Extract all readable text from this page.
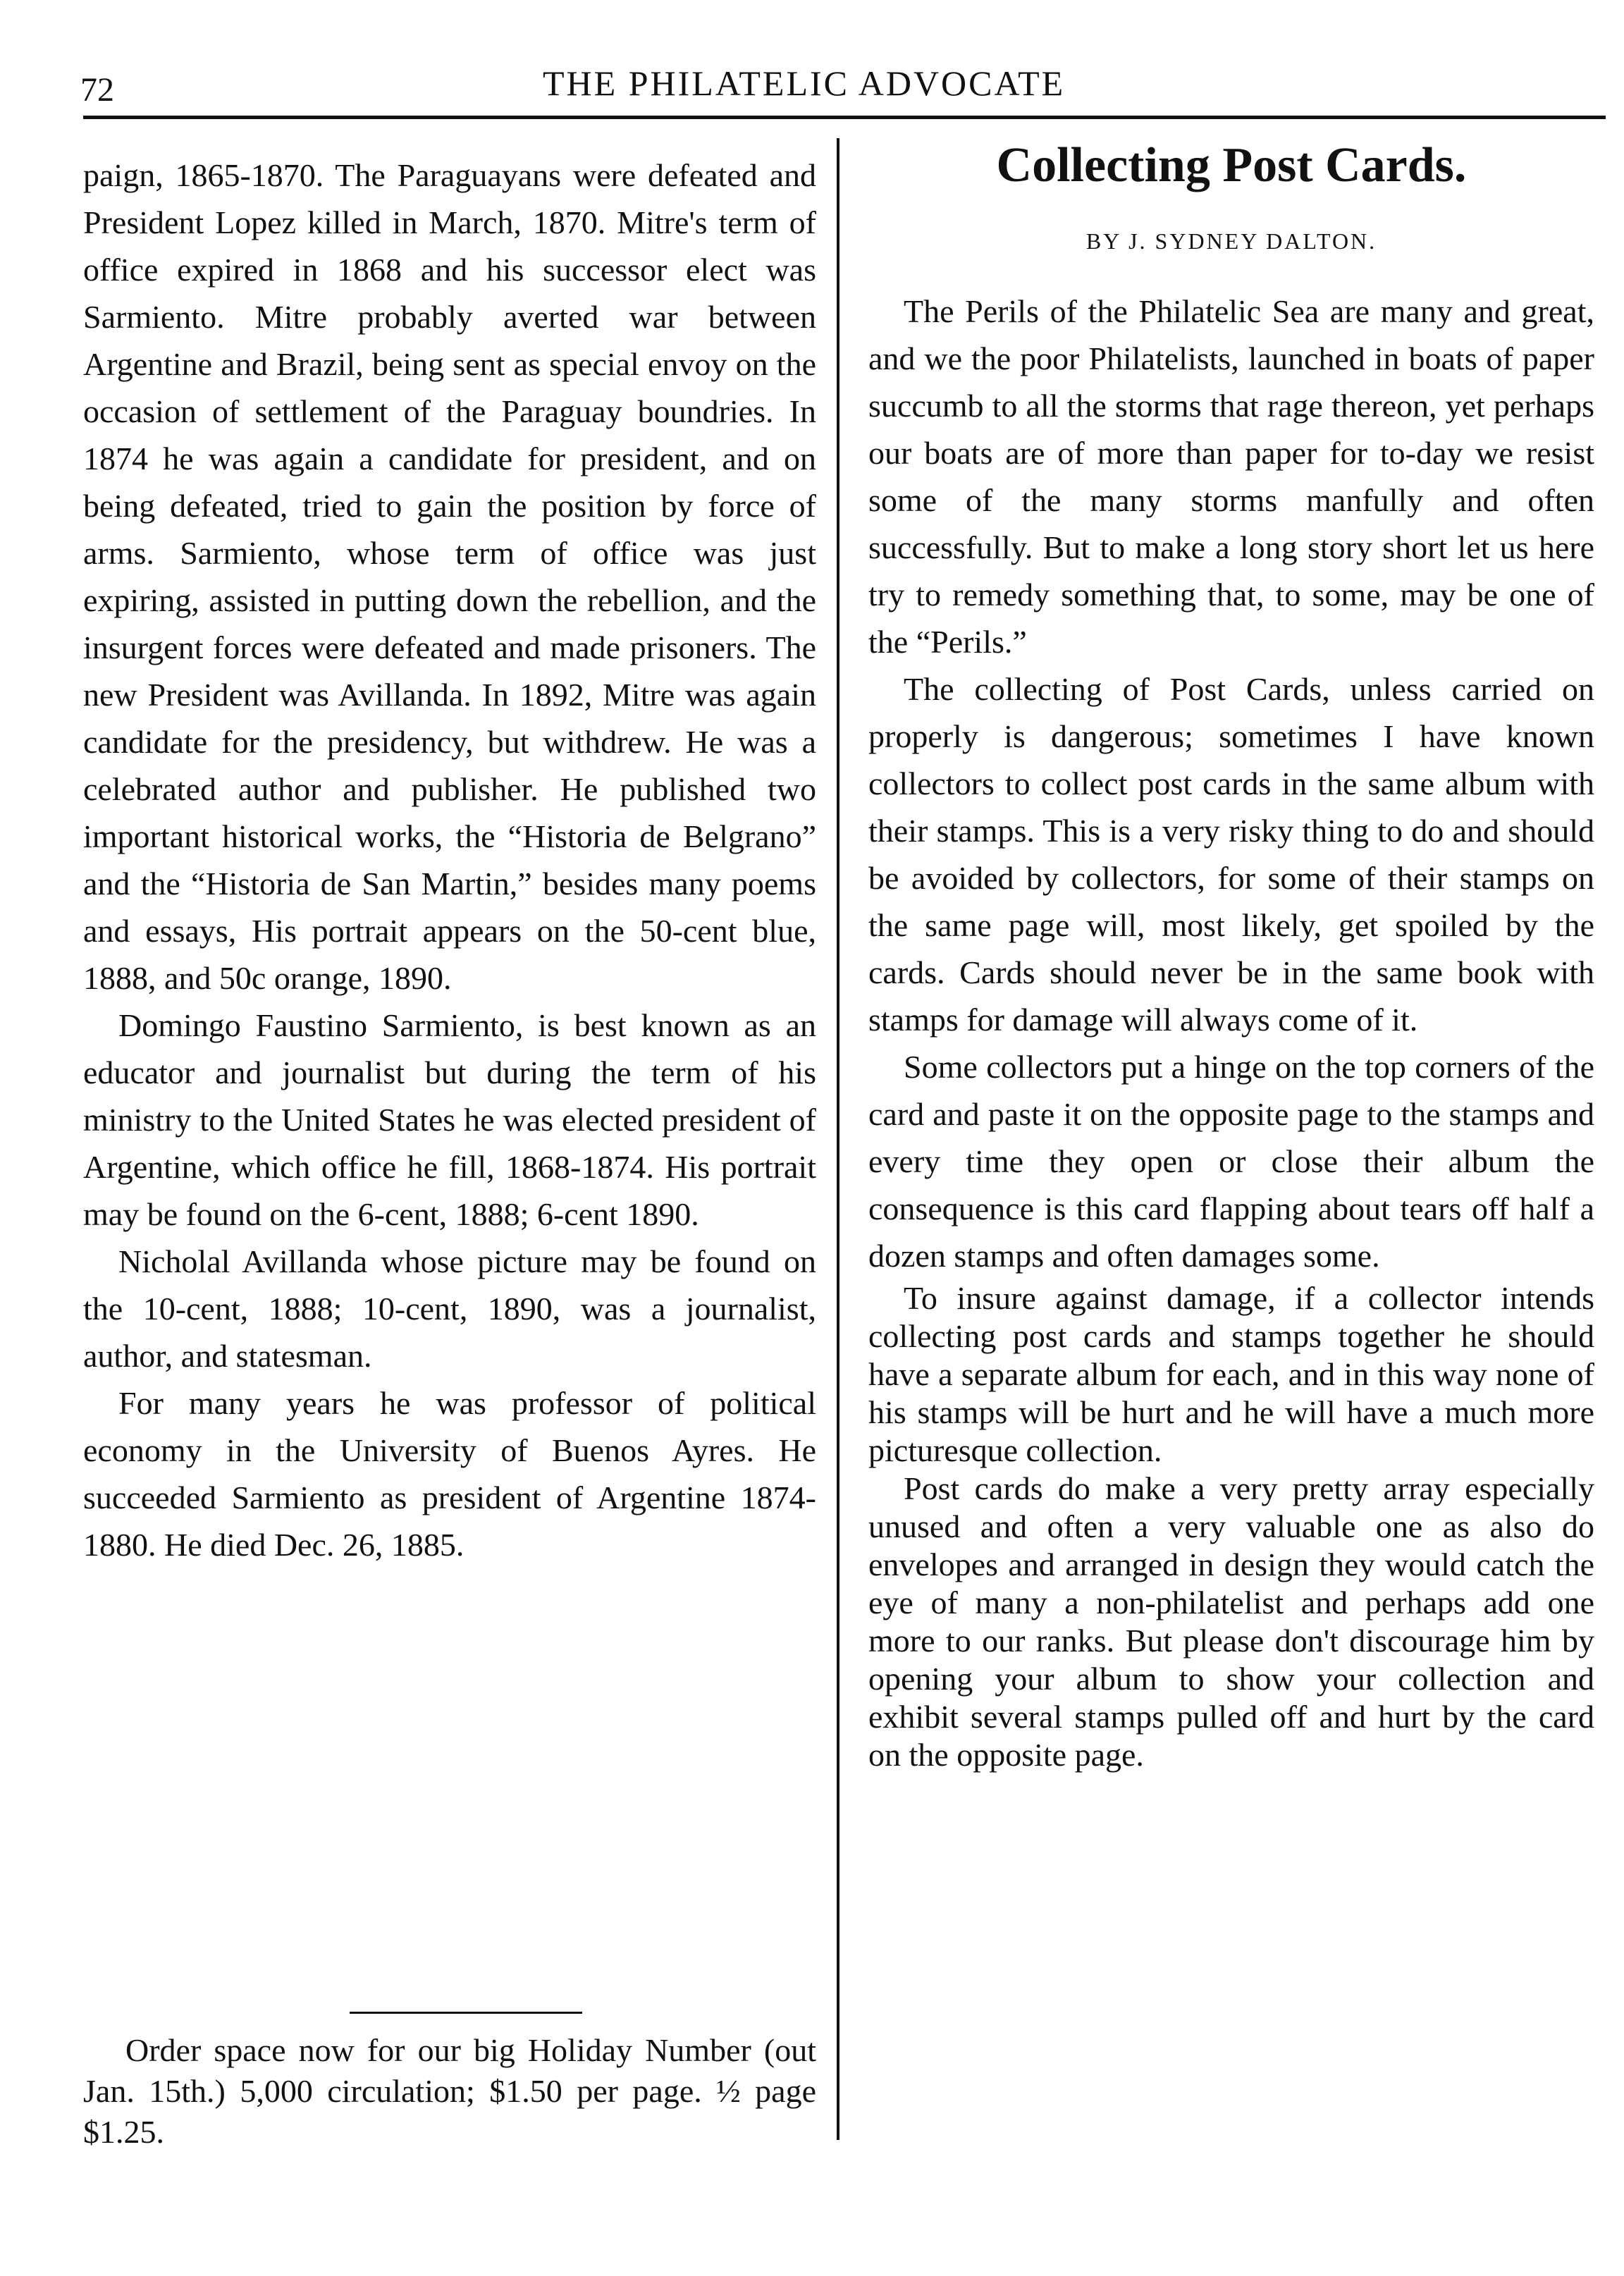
72	THE PHILATELIC ADVOCATE

paign, 1865-1870. The Paraguayans were defeated and President Lopez killed in March, 1870. Mitre's term of office expired in 1868 and his successor elect was Sarmiento. Mitre probably averted war between Argentine and Brazil, being sent as special envoy on the occasion of settlement of the Paraguay boundries. In 1874 he was again a candidate for president, and on being defeated, tried to gain the position by force of arms. Sarmiento, whose term of office was just expiring, assisted in putting down the rebellion, and the insurgent forces were defeated and made prisoners. The new President was Avillanda. In 1892, Mitre was again candidate for the presidency, but withdrew. He was a celebrated author and publisher. He published two important historical works, the “Historia de Belgrano” and the “Historia de San Martin,” besides many poems and essays, His portrait appears on the 50-cent blue, 1888, and 50c orange, 1890.

Domingo Faustino Sarmiento, is best known as an educator and journalist but during the term of his ministry to the United States he was elected president of Argentine, which office he fill, 1868-1874. His portrait may be found on the 6-cent, 1888; 6-cent 1890.

Nicholal Avillanda whose picture may be found on the 10-cent, 1888; 10-cent, 1890, was a journalist, author, and statesman.

For many years he was professor of political economy in the University of Buenos Ayres. He succeeded Sarmiento as president of Argentine 1874-1880. He died Dec. 26, 1885.

Order space now for our big Holiday Number (out Jan. 15th.) 5,000 circulation; $1.50 per page. ½ page $1.25.

Collecting Post Cards.
BY J. SYDNEY DALTON.

The Perils of the Philatelic Sea are many and great, and we the poor Philatelists, launched in boats of paper succumb to all the storms that rage thereon, yet perhaps our boats are of more than paper for to-day we resist some of the many storms manfully and often successfully. But to make a long story short let us here try to remedy something that, to some, may be one of the “Perils.”

The collecting of Post Cards, unless carried on properly is dangerous; sometimes I have known collectors to collect post cards in the same album with their stamps. This is a very risky thing to do and should be avoided by collectors, for some of their stamps on the same page will, most likely, get spoiled by the cards. Cards should never be in the same book with stamps for damage will always come of it.

Some collectors put a hinge on the top corners of the card and paste it on the opposite page to the stamps and every time they open or close their album the consequence is this card flapping about tears off half a dozen stamps and often damages some.

To insure against damage, if a collector intends collecting post cards and stamps together he should have a separate album for each, and in this way none of his stamps will be hurt and he will have a much more picturesque collection.

Post cards do make a very pretty array especially unused and often a very valuable one as also do envelopes and arranged in design they would catch the eye of many a non-philatelist and perhaps add one more to our ranks. But please don't discourage him by opening your album to show your collection and exhibit several stamps pulled off and hurt by the card on the opposite page.
